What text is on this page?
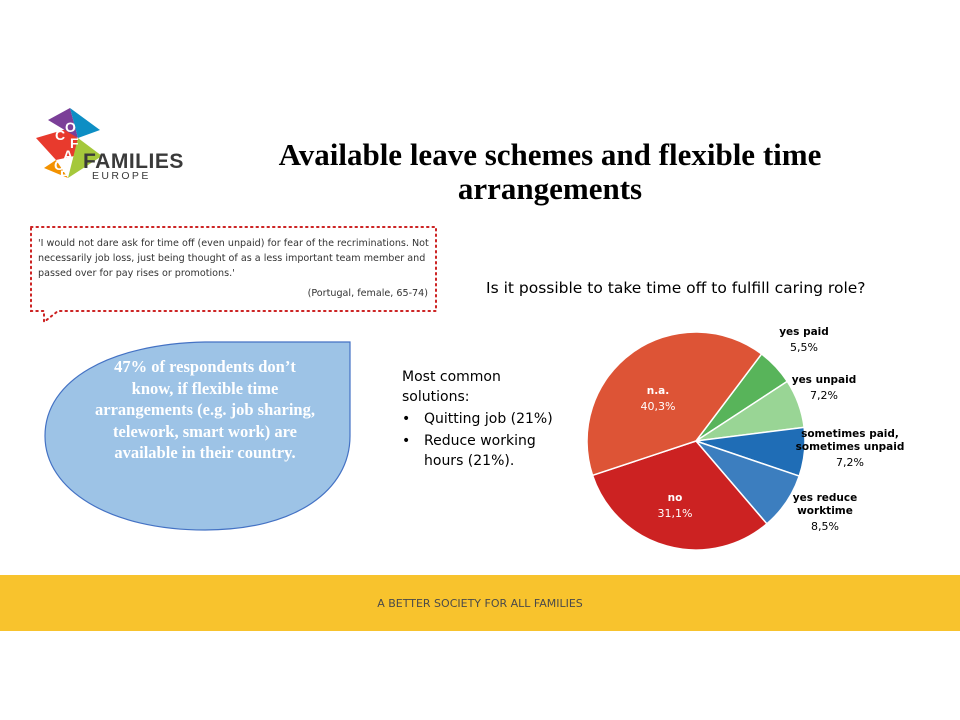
C O
F
A
C
E
FAMILIES
EUROPE
Available leave schemes and flexible time arrangements
'I would not dare ask for time off (even unpaid) for fear of the recriminations. Not necessarily job loss, just being thought of as a less important team member and passed over for pay rises or promotions.'
(Portugal, female, 65-74)
47% of respondents don’t know, if flexible time arrangements (e.g. job sharing, telework, smart work) are available in their country.
Is it possible to take time off to fulfill caring role?
Most common solutions:
• Quitting job (21%)
• Reduce working hours (21%).
yes paid
5,5%
yes unpaid
7,2%
sometimes paid,
sometimes unpaid
7,2%
yes reduce
worktime
8,5%
no
31,1%
n.a.
40,3%
A BETTER SOCIETY FOR ALL FAMILIES
